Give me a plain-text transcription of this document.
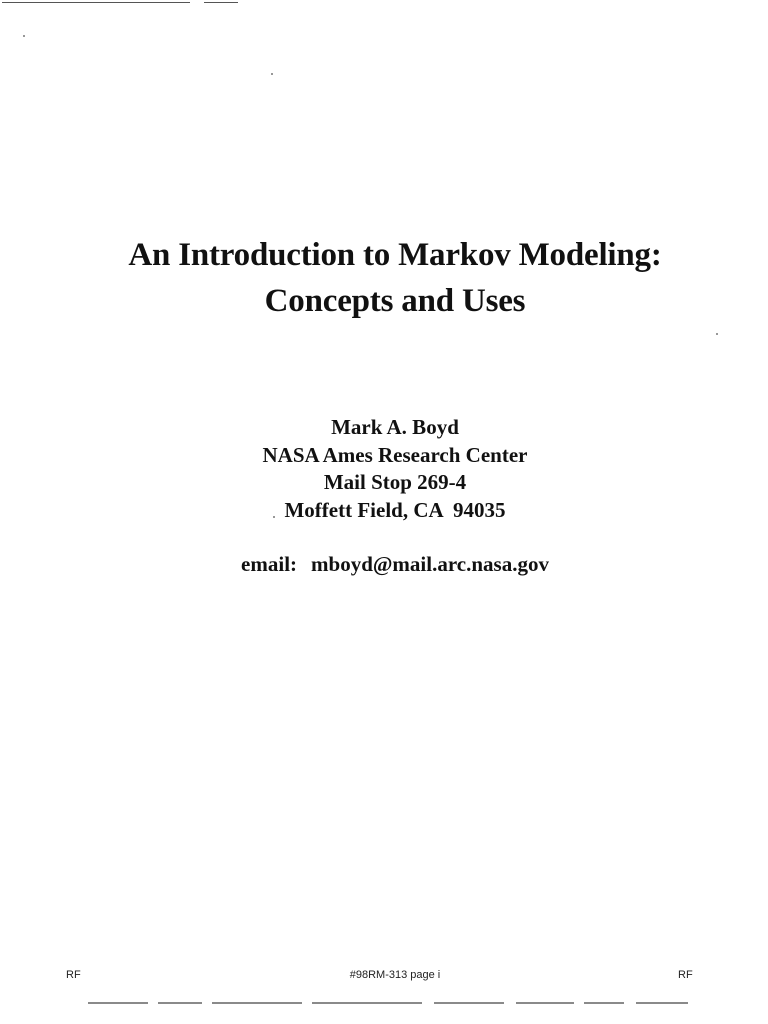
An Introduction to Markov Modeling:
Concepts and Uses
Mark A. Boyd
NASA Ames Research Center
Mail Stop 269-4
Moffett Field, CA  94035
email: mboyd@mail.arc.nasa.gov
RF	#98RM-313 page i	RF
